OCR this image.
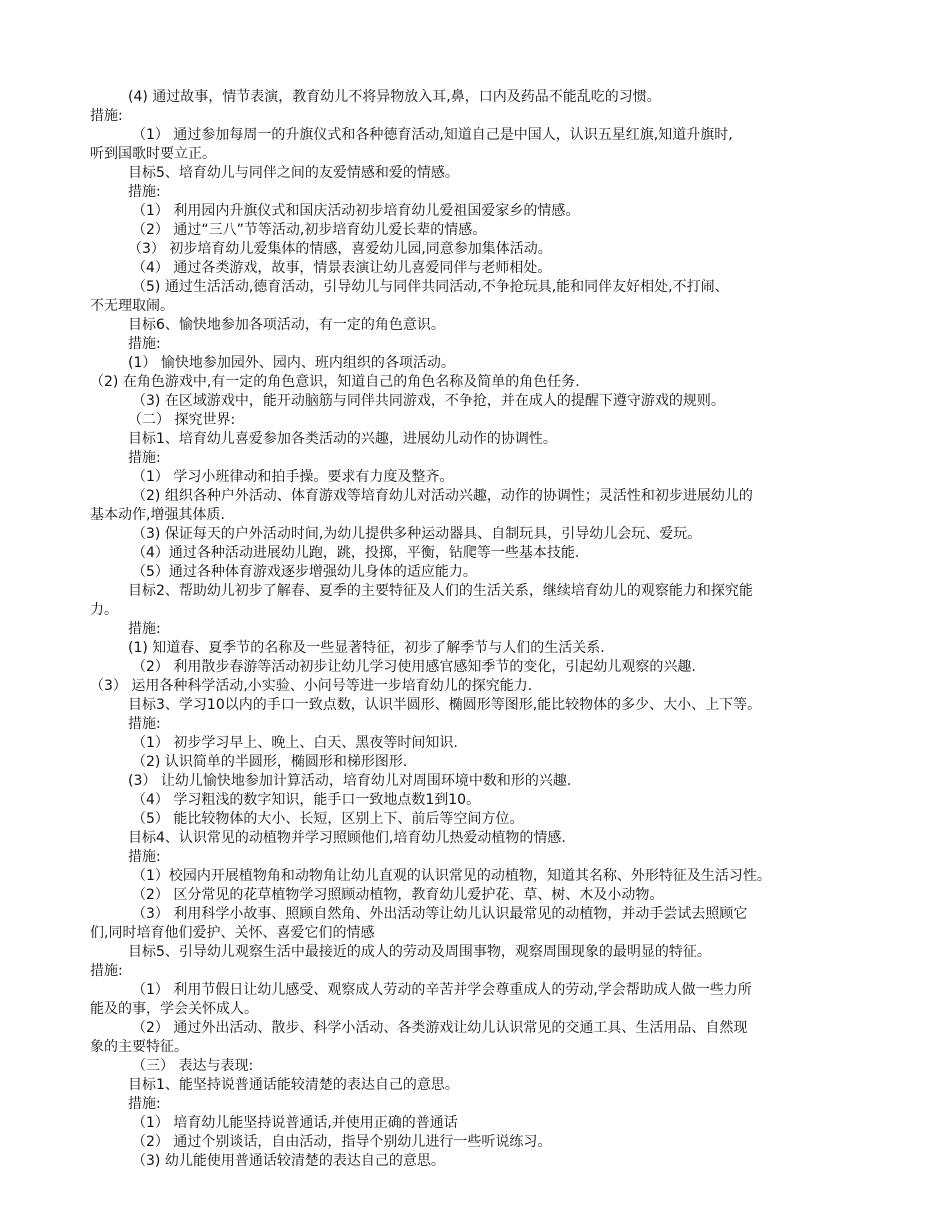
(4) 通过故事，情节表演，教育幼儿不将异物放入耳,鼻，口内及药品不能乱吃的习惯。
措施:
（1） 通过参加每周一的升旗仪式和各种德育活动,知道自己是中国人，认识五星红旗,知道升旗时,
听到国歌时要立正。
目标5、培育幼儿与同伴之间的友爱情感和爱的情感。
措施:
（1） 利用园内升旗仪式和国庆活动初步培育幼儿爱祖国爱家乡的情感。
（2） 通过“三八”节等活动,初步培育幼儿爱长辈的情感。
（3） 初步培育幼儿爱集体的情感，喜爱幼儿园,同意参加集体活动。
（4） 通过各类游戏，故事，情景表演让幼儿喜爱同伴与老师相处。
（5) 通过生活活动,德育活动，引导幼儿与同伴共同活动,不争抢玩具,能和同伴友好相处,不打闹、
不无理取闹。
目标6、愉快地参加各项活动，有一定的角色意识。
措施:
(1） 愉快地参加园外、园内、班内组织的各项活动。
（2) 在角色游戏中,有一定的角色意识，知道自己的角色名称及简单的角色任务.
（3) 在区域游戏中，能开动脑筋与同伴共同游戏，不争抢，并在成人的提醒下遵守游戏的规则。
（二） 探究世界:
目标1、培育幼儿喜爱参加各类活动的兴趣，进展幼儿动作的协调性。
措施:
（1） 学习小班律动和拍手操。要求有力度及整齐。
（2) 组织各种户外活动、体育游戏等培育幼儿对活动兴趣，动作的协调性；灵活性和初步进展幼儿的
基本动作,增强其体质.
（3) 保证每天的户外活动时间,为幼儿提供多种运动器具、自制玩具，引导幼儿会玩、爱玩。
（4）通过各种活动进展幼儿跑，跳，投掷，平衡，钻爬等一些基本技能.
（5）通过各种体育游戏逐步增强幼儿身体的适应能力。
目标2、帮助幼儿初步了解春、夏季的主要特征及人们的生活关系，继续培育幼儿的观察能力和探究能
力。
措施:
(1) 知道春、夏季节的名称及一些显著特征，初步了解季节与人们的生活关系.
（2） 利用散步春游等活动初步让幼儿学习使用感官感知季节的变化，引起幼儿观察的兴趣.
（3） 运用各种科学活动,小实验、小问号等进一步培育幼儿的探究能力.
目标3、学习10以内的手口一致点数，认识半圆形、椭圆形等图形,能比较物体的多少、大小、上下等。
措施:
（1） 初步学习早上、晚上、白天、黑夜等时间知识.
（2) 认识简单的半圆形，椭圆形和梯形图形.
(3） 让幼儿愉快地参加计算活动，培育幼儿对周围环境中数和形的兴趣.
（4） 学习粗浅的数字知识，能手口一致地点数1到10。
（5） 能比较物体的大小、长短，区别上下、前后等空间方位。
目标4、认识常见的动植物并学习照顾他们,培育幼儿热爱动植物的情感.
措施:
（1）校园内开展植物角和动物角让幼儿直观的认识常见的动植物，知道其名称、外形特征及生活习性。
（2） 区分常见的花草植物学习照顾动植物，教育幼儿爱护花、草、树、木及小动物。
（3） 利用科学小故事、照顾自然角、外出活动等让幼儿认识最常见的动植物，并动手尝试去照顾它
们,同时培育他们爱护、关怀、喜爱它们的情感
目标5、引导幼儿观察生活中最接近的成人的劳动及周围事物，观察周围现象的最明显的特征。
措施:
（1） 利用节假日让幼儿感受、观察成人劳动的辛苦并学会尊重成人的劳动,学会帮助成人做一些力所
能及的事，学会关怀成人。
（2） 通过外出活动、散步、科学小活动、各类游戏让幼儿认识常见的交通工具、生活用品、自然现
象的主要特征。
（三） 表达与表现:
目标1、能坚持说普通话能较清楚的表达自己的意思。
措施:
（1） 培育幼儿能坚持说普通话,并使用正确的普通话
（2） 通过个别谈话，自由活动，指导个别幼儿进行一些听说练习。
（3) 幼儿能使用普通话较清楚的表达自己的意思。
